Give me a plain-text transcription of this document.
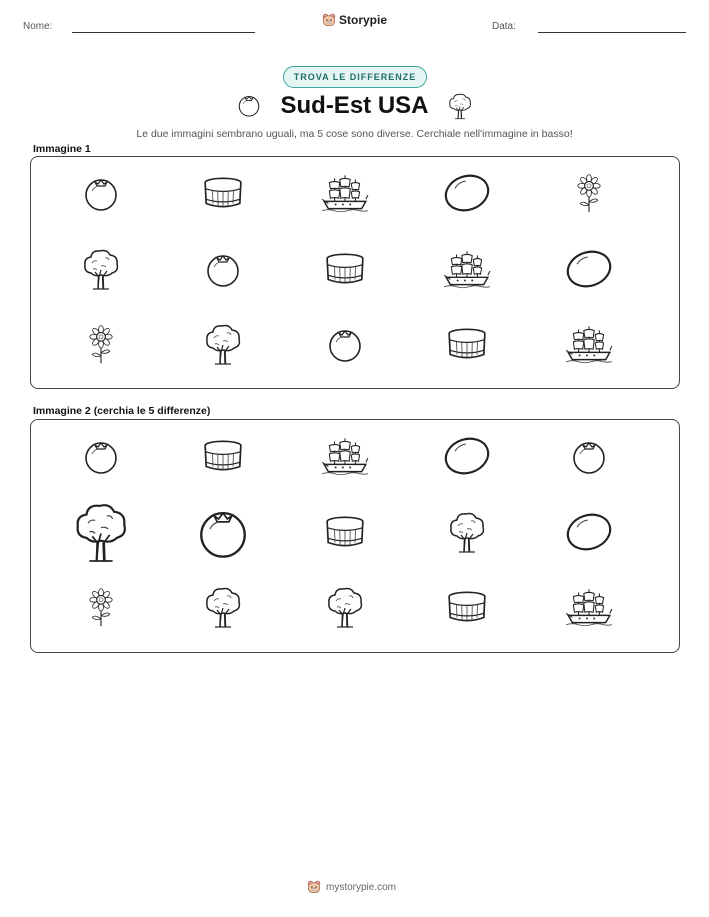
Nome:	Storypie	Data:
TROVA LE DIFFERENZE
Sud-Est USA
Le due immagini sembrano uguali, ma 5 cose sono diverse. Cerchiale nell'immagine in basso!
Immagine 1
Immagine 2 (cerchia le 5 differenze)
mystorypie.com
